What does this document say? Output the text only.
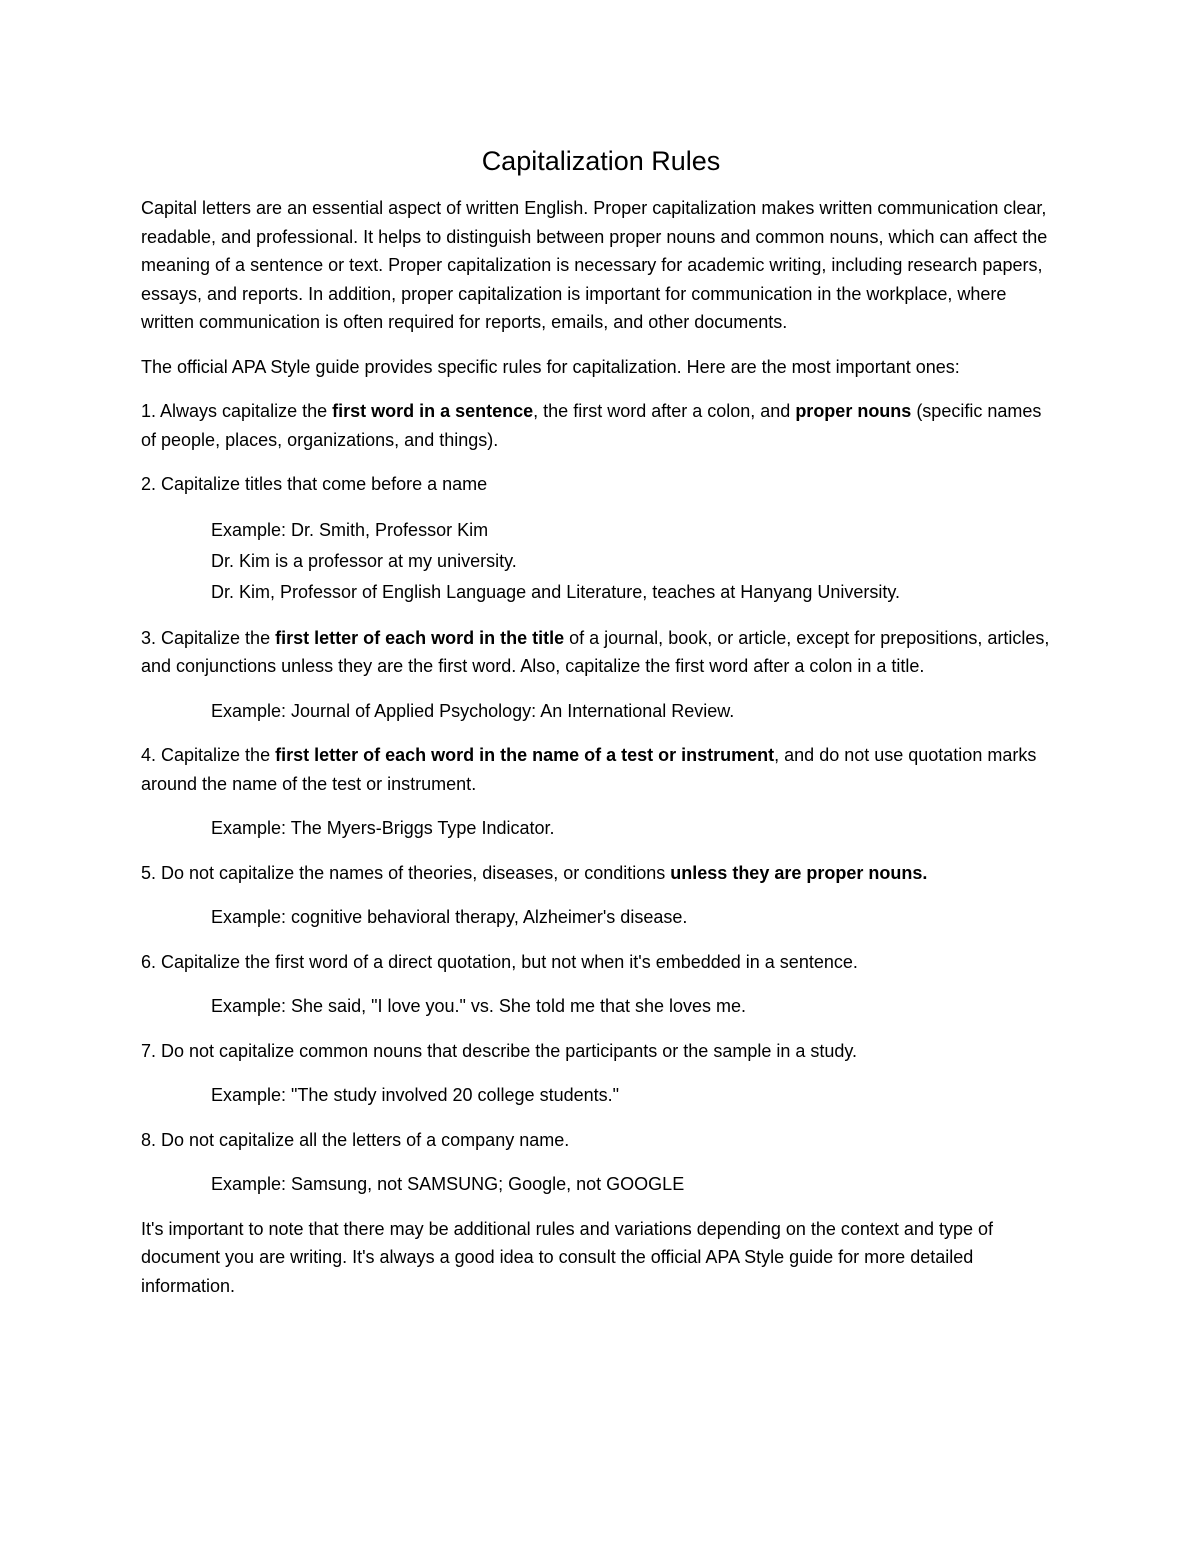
Capitalization Rules

Capital letters are an essential aspect of written English. Proper capitalization makes written communication clear, readable, and professional. It helps to distinguish between proper nouns and common nouns, which can affect the meaning of a sentence or text. Proper capitalization is necessary for academic writing, including research papers, essays, and reports. In addition, proper capitalization is important for communication in the workplace, where written communication is often required for reports, emails, and other documents.

The official APA Style guide provides specific rules for capitalization. Here are the most important ones:

1. Always capitalize the first word in a sentence, the first word after a colon, and proper nouns (specific names of people, places, organizations, and things).

2. Capitalize titles that come before a name

Example: Dr. Smith, Professor Kim
Dr. Kim is a professor at my university.
Dr. Kim, Professor of English Language and Literature, teaches at Hanyang University.

3. Capitalize the first letter of each word in the title of a journal, book, or article, except for prepositions, articles, and conjunctions unless they are the first word. Also, capitalize the first word after a colon in a title.

Example: Journal of Applied Psychology: An International Review.

4. Capitalize the first letter of each word in the name of a test or instrument, and do not use quotation marks around the name of the test or instrument.

Example: The Myers-Briggs Type Indicator.

5. Do not capitalize the names of theories, diseases, or conditions unless they are proper nouns.

Example: cognitive behavioral therapy, Alzheimer's disease.

6. Capitalize the first word of a direct quotation, but not when it's embedded in a sentence.

Example: She said, "I love you." vs. She told me that she loves me.

7. Do not capitalize common nouns that describe the participants or the sample in a study.

Example: "The study involved 20 college students."

8. Do not capitalize all the letters of a company name.

Example: Samsung, not SAMSUNG; Google, not GOOGLE

It's important to note that there may be additional rules and variations depending on the context and type of document you are writing. It's always a good idea to consult the official APA Style guide for more detailed information.
